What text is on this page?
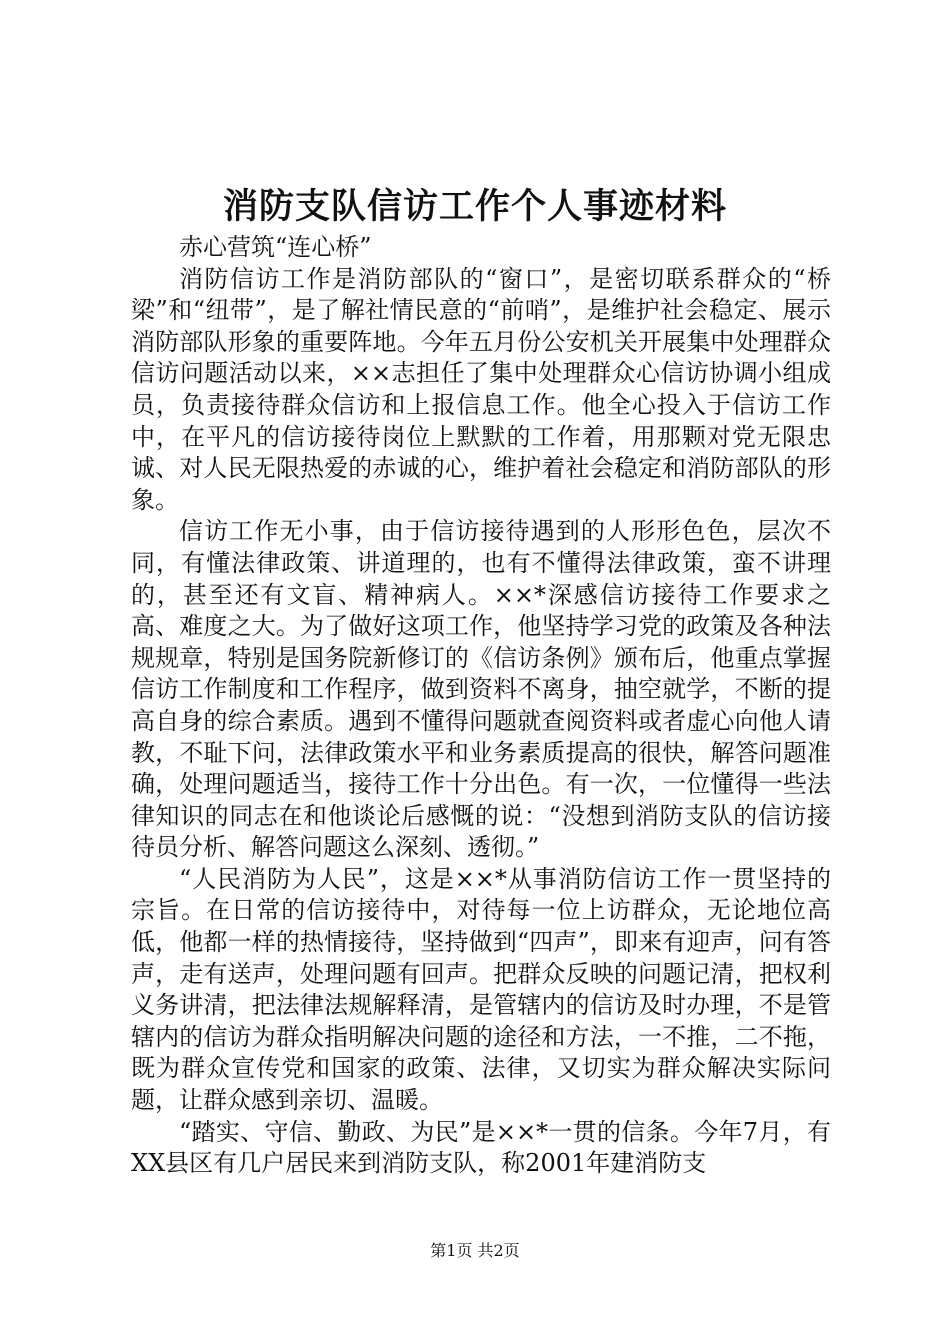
消防支队信访工作个人事迹材料

赤心营筑“连心桥”

消防信访工作是消防部队的“窗口”，是密切联系群众的“桥梁”和“纽带”，是了解社情民意的“前哨”，是维护社会稳定、展示消防部队形象的重要阵地。今年五月份公安机关开展集中处理群众信访问题活动以来，××志担任了集中处理群众心信访协调小组成员，负责接待群众信访和上报信息工作。他全心投入于信访工作中，在平凡的信访接待岗位上默默的工作着，用那颗对党无限忠诚、对人民无限热爱的赤诚的心，维护着社会稳定和消防部队的形象。

信访工作无小事，由于信访接待遇到的人形形色色，层次不同，有懂法律政策、讲道理的，也有不懂得法律政策，蛮不讲理的，甚至还有文盲、精神病人。××*深感信访接待工作要求之高、难度之大。为了做好这项工作，他坚持学习党的政策及各种法规规章，特别是国务院新修订的《信访条例》颁布后，他重点掌握信访工作制度和工作程序，做到资料不离身，抽空就学，不断的提高自身的综合素质。遇到不懂得问题就查阅资料或者虚心向他人请教，不耻下问，法律政策水平和业务素质提高的很快，解答问题准确，处理问题适当，接待工作十分出色。有一次，一位懂得一些法律知识的同志在和他谈论后感慨的说：“没想到消防支队的信访接待员分析、解答问题这么深刻、透彻。”

“人民消防为人民”，这是××*从事消防信访工作一贯坚持的宗旨。在日常的信访接待中，对待每一位上访群众，无论地位高低，他都一样的热情接待，坚持做到“四声”，即来有迎声，问有答声，走有送声，处理问题有回声。把群众反映的问题记清，把权利义务讲清，把法律法规解释清，是管辖内的信访及时办理，不是管辖内的信访为群众指明解决问题的途径和方法，一不推，二不拖，既为群众宣传党和国家的政策、法律，又切实为群众解决实际问题，让群众感到亲切、温暖。

“踏实、守信、勤政、为民”是××*一贯的信条。今年7月，有XX县区有几户居民来到消防支队，称2001年建消防支

第1页 共2页
